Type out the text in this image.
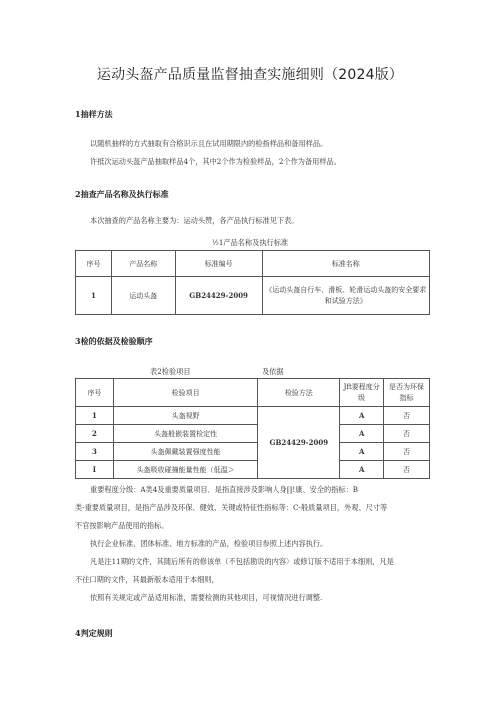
运动头盔产品质量监督抽查实施细则（2024版）
1抽样方法
以随机抽样的方式抽取有合格识示且在试用期限内的检指样品和备用样品。
许抵次运动头盔产品抽取样品4个，其中2个作为检验样品，2个作为备用样品。
2抽查产品名称及执行标准
本次抽查的产品名称主要为：运动头赞，各产品执行标准见下表。
½1产品名称及执行标准
序号	产品名称	标准编号	标准名称
1	运动头盔	GB24429-2009	《运动头盔自行车、滑板、轮滑运动头盔的安全要求和试验方法》
3检的依据及检验顺序
表2检验项目	及依据
序号	检验项目	检验方法	Jft要程度分级	是否为环保指标
1	头盔视野	GB24429-2009	A	否
2	头盔般嵌装置检定性		A	否
3	头盔佩戴装置强度性能		A	否
I	头盔吸收碰撞能量性能（低温＞		A	否
重要程度分级：A类4及重要质量项目．是指直接涉及影响人身∏!康、安全的指标：B
类-重要质量项目，是指产品涉及环保、健效、关键或特征性指标等：C-般质量项目，外观、尺寸等
不官按影响产品使用的指标。
执行企业标准、团体标准、地方标准的产品，检验项目参照上述内容执行。
凡是注11期的文件，其随后所有的修该单（不包括勘说的内容〉或修订版不适用于本细则，凡是
不往口期的文件，其最新版本适用于本细则，
依照有关规定或产品适用标准，需要检测的其他项目，可视情况进行调整.
4判定规则
